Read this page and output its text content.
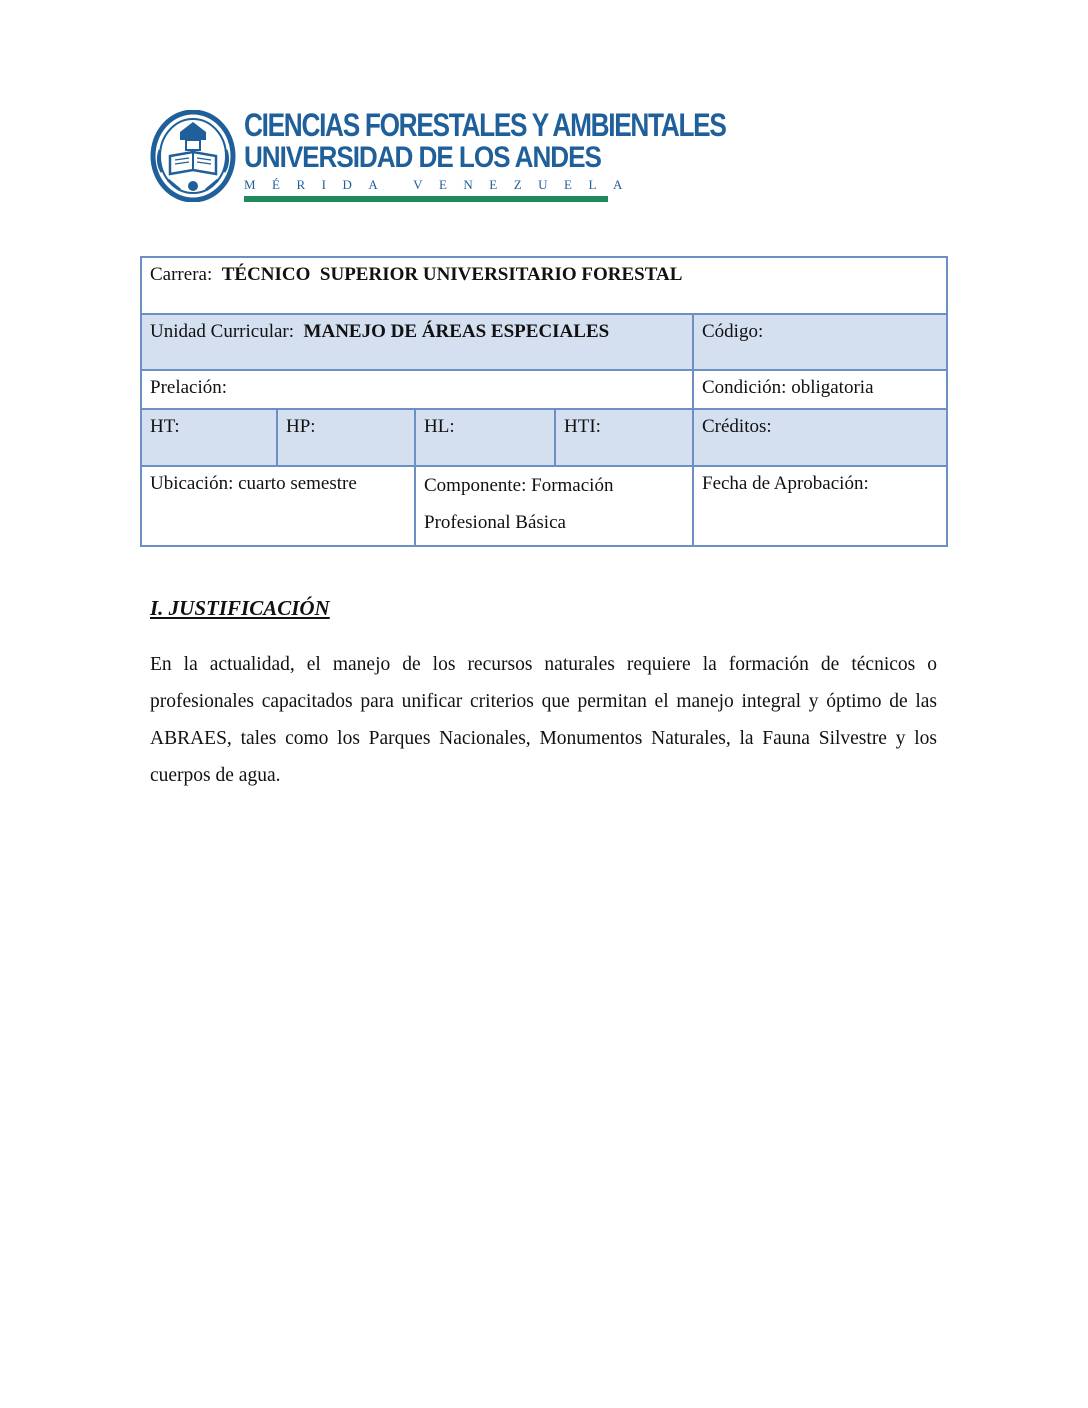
CIENCIAS FORESTALES Y AMBIENTALES
UNIVERSIDAD DE LOS ANDES
MÉRIDA VENEZUELA
Carrera: TÉCNICO  SUPERIOR UNIVERSITARIO FORESTAL				
Unidad Curricular: MANEJO DE ÁREAS ESPECIALES				Código:
Prelación:				Condición: obligatoria
HT:	HP:	HL:	HTI:	Créditos:
Ubicación: cuarto semestre		Componente: Formación Profesional Básica		Fecha de Aprobación:
I. JUSTIFICACIÓN
En la actualidad, el manejo de los recursos naturales requiere la formación de técnicos o profesionales capacitados para unificar criterios que permitan el manejo integral y óptimo de las ABRAES, tales como los Parques Nacionales, Monumentos Naturales, la Fauna Silvestre y los cuerpos de agua.
